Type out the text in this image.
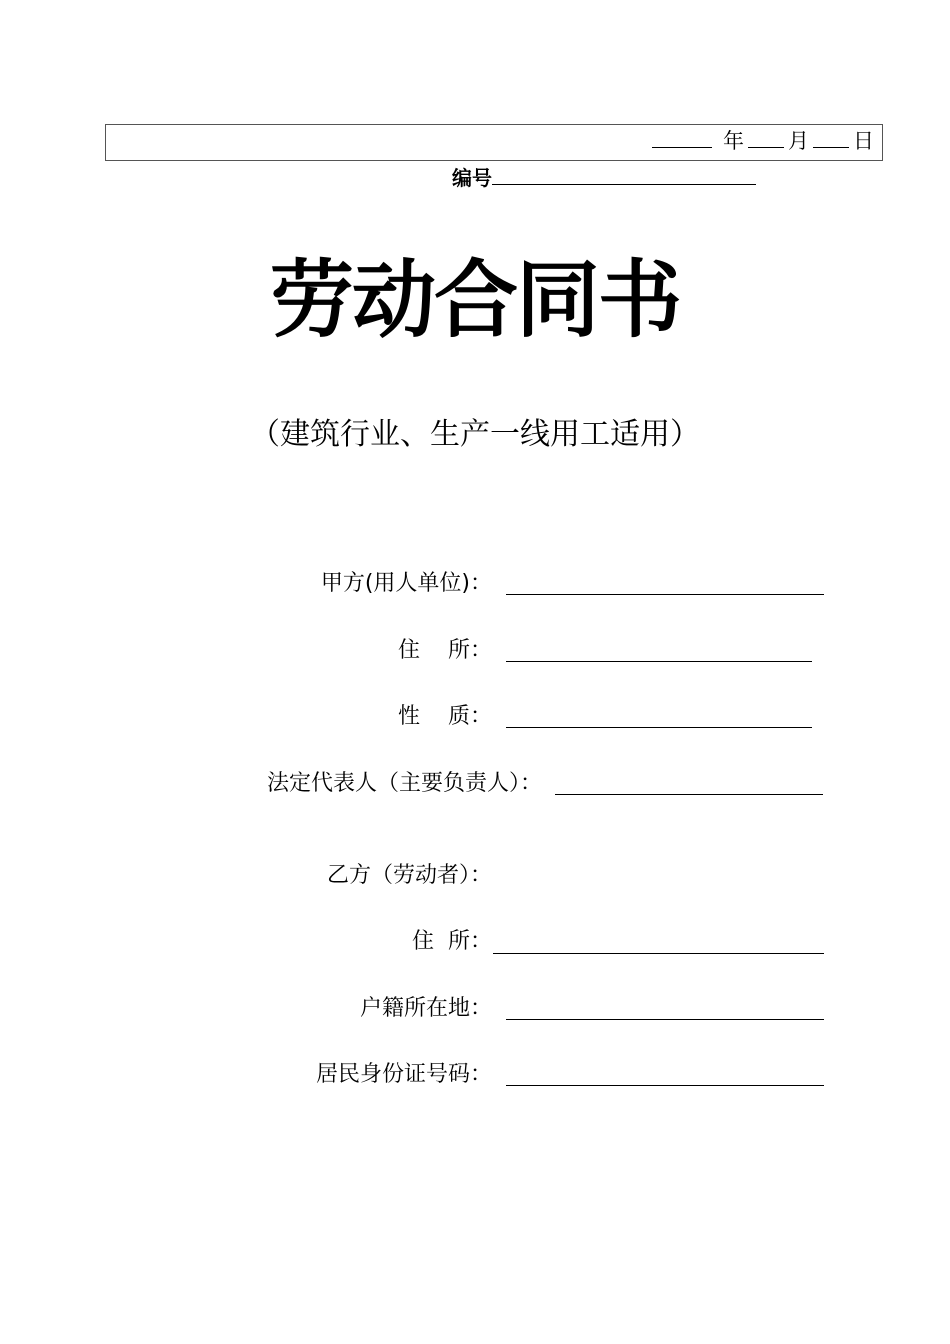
年 月 日
编号
劳动合同书
（建筑行业、生产一线用工适用）
甲方(用人单位)：
住    所：
性    质：
法定代表人（主要负责人）：
乙方（劳动者）：
住  所：
户籍所在地：
居民身份证号码：
